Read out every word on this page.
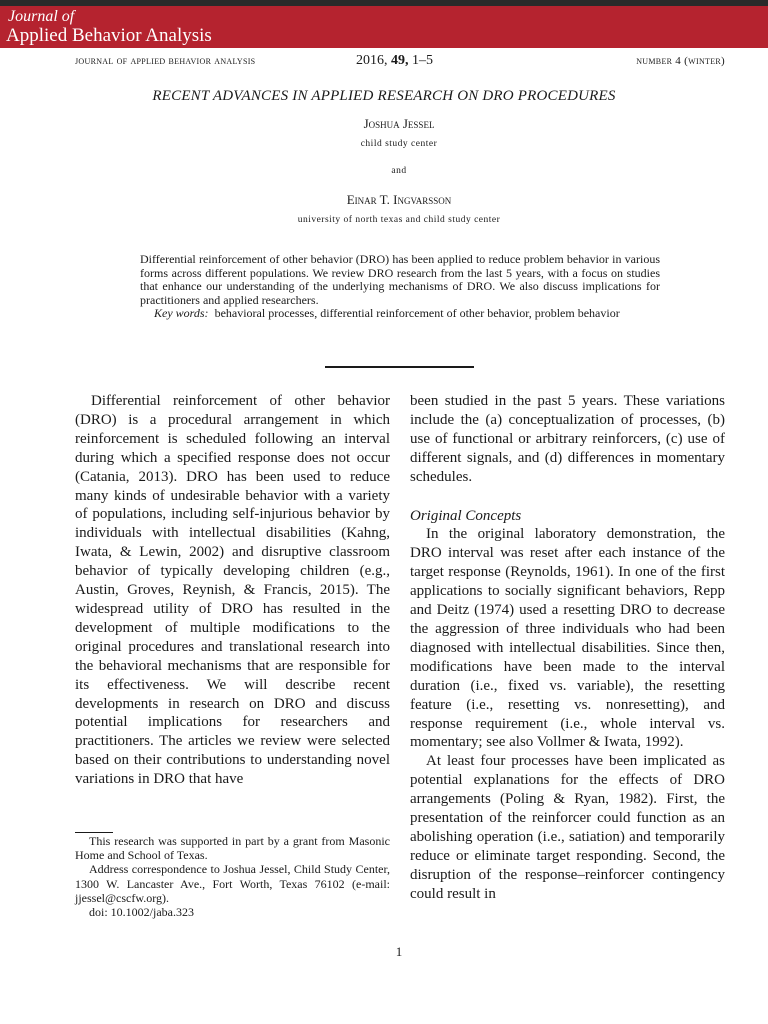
Journal of
Applied Behavior Analysis
journal of applied behavior analysis	2016, 49, 1–5	number 4 (winter)
RECENT ADVANCES IN APPLIED RESEARCH ON DRO PROCEDURES
Joshua Jessel
child study center
and
Einar T. Ingvarsson
university of north texas and child study center
Differential reinforcement of other behavior (DRO) has been applied to reduce problem behavior in various forms across different populations. We review DRO research from the last 5 years, with a focus on studies that enhance our understanding of the underlying mechanisms of DRO. We also discuss implications for practitioners and applied researchers.
Key words: behavioral processes, differential reinforcement of other behavior, problem behavior

Differential reinforcement of other behavior (DRO) is a procedural arrangement in which reinforcement is scheduled following an interval during which a specified response does not occur (Catania, 2013). DRO has been used to reduce many kinds of undesirable behavior with a variety of populations, including self-injurious behavior by individuals with intellectual disabilities (Kahng, Iwata, & Lewin, 2002) and disruptive classroom behavior of typically developing children (e.g., Austin, Groves, Reynish, & Francis, 2015). The widespread utility of DRO has resulted in the development of multiple modifications to the original procedures and translational research into the behavioral mechanisms that are responsible for its effectiveness. We will describe recent developments in research on DRO and discuss potential implications for researchers and practitioners. The articles we review were selected based on their contributions to understanding novel variations in DRO that have

been studied in the past 5 years. These variations include the (a) conceptualization of processes, (b) use of functional or arbitrary reinforcers, (c) use of different signals, and (d) differences in momentary schedules.

Original Concepts

In the original laboratory demonstration, the DRO interval was reset after each instance of the target response (Reynolds, 1961). In one of the first applications to socially significant behaviors, Repp and Deitz (1974) used a resetting DRO to decrease the aggression of three individuals who had been diagnosed with intellectual disabilities. Since then, modifications have been made to the interval duration (i.e., fixed vs. variable), the resetting feature (i.e., resetting vs. nonresetting), and response requirement (i.e., whole interval vs. momentary; see also Vollmer & Iwata, 1992).

At least four processes have been implicated as potential explanations for the effects of DRO arrangements (Poling & Ryan, 1982). First, the presentation of the reinforcer could function as an abolishing operation (i.e., satiation) and temporarily reduce or eliminate target responding. Second, the disruption of the response–reinforcer contingency could result in

This research was supported in part by a grant from Masonic Home and School of Texas.

Address correspondence to Joshua Jessel, Child Study Center, 1300 W. Lancaster Ave., Fort Worth, Texas 76102 (e-mail: jjessel@cscfw.org).

doi: 10.1002/jaba.323

1
